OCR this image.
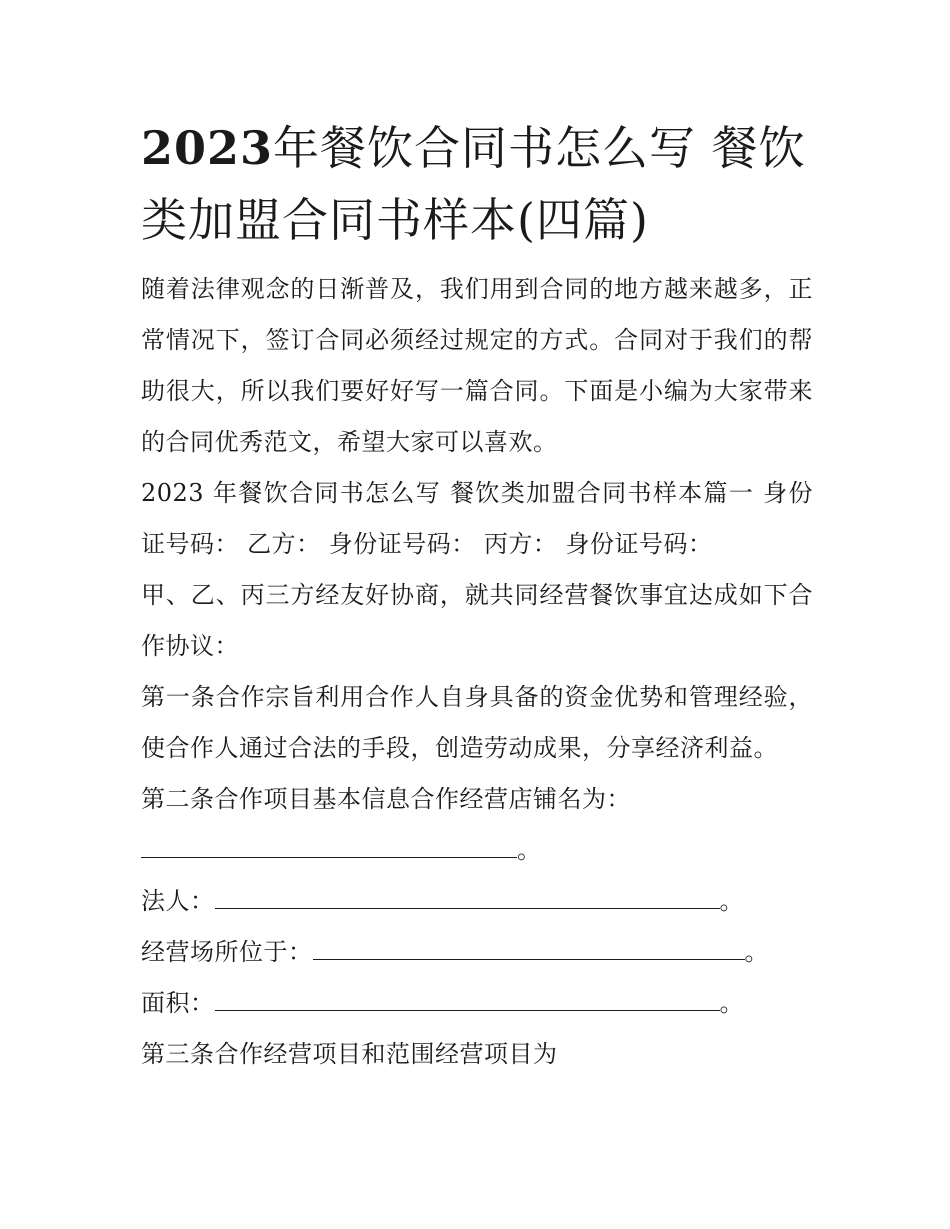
2023年餐饮合同书怎么写 餐饮类加盟合同书样本(四篇)

随着法律观念的日渐普及，我们用到合同的地方越来越多，正常情况下，签订合同必须经过规定的方式。合同对于我们的帮助很大，所以我们要好好写一篇合同。下面是小编为大家带来的合同优秀范文，希望大家可以喜欢。

2023 年餐饮合同书怎么写 餐饮类加盟合同书样本篇一 身份证号码： 乙方： 身份证号码： 丙方： 身份证号码：

甲、乙、丙三方经友好协商，就共同经营餐饮事宜达成如下合作协议：

第一条合作宗旨利用合作人自身具备的资金优势和管理经验，使合作人通过合法的手段，创造劳动成果，分享经济利益。

第二条合作项目基本信息合作经营店铺名为：

。

法人：	。

经营场所位于：	。

面积：	。

第三条合作经营项目和范围经营项目为
